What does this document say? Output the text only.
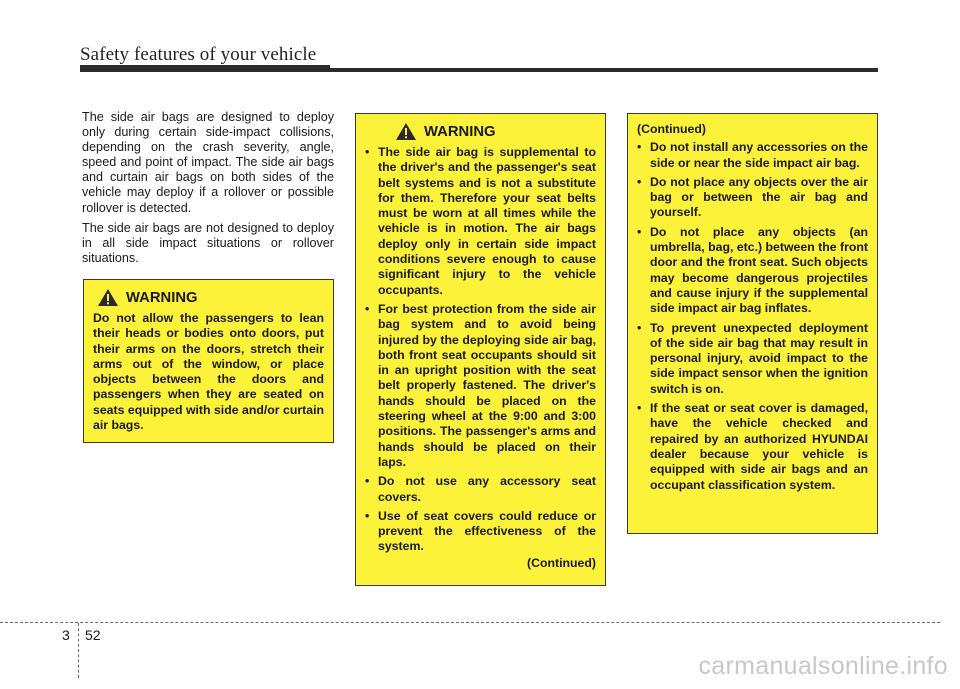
Safety features of your vehicle

The side air bags are designed to deploy only during certain side-impact collisions, depending on the crash severity, angle, speed and point of impact. The side air bags and curtain air bags on both sides of the vehicle may deploy if a rollover or possible rollover is detected.

The side air bags are not designed to deploy in all side impact situations or rollover situations.

WARNING

Do not allow the passengers to lean their heads or bodies onto doors, put their arms on the doors, stretch their arms out of the window, or place objects between the doors and passengers when they are seated on seats equipped with side and/or curtain air bags.

WARNING
• The side air bag is supplemental to the driver's and the passenger's seat belt systems and is not a substitute for them. Therefore your seat belts must be worn at all times while the vehicle is in motion. The air bags deploy only in certain side impact conditions severe enough to cause significant injury to the vehicle occupants.
• For best protection from the side air bag system and to avoid being injured by the deploying side air bag, both front seat occupants should sit in an upright position with the seat belt properly fastened. The driver's hands should be placed on the steering wheel at the 9:00 and 3:00 positions. The passenger's arms and hands should be placed on their laps.
• Do not use any accessory seat covers.
• Use of seat covers could reduce or prevent the effectiveness of the system.
(Continued)
(Continued)
• Do not install any accessories on the side or near the side impact air bag.
• Do not place any objects over the air bag or between the air bag and yourself.
• Do not place any objects (an umbrella, bag, etc.) between the front door and the front seat. Such objects may become dangerous projectiles and cause injury if the supplemental side impact air bag inflates.
• To prevent unexpected deployment of the side air bag that may result in personal injury, avoid impact to the side impact sensor when the ignition switch is on.
• If the seat or seat cover is damaged, have the vehicle checked and repaired by an authorized HYUNDAI dealer because your vehicle is equipped with side air bags and an occupant classification system.
3 52
carmanualsonline.info
